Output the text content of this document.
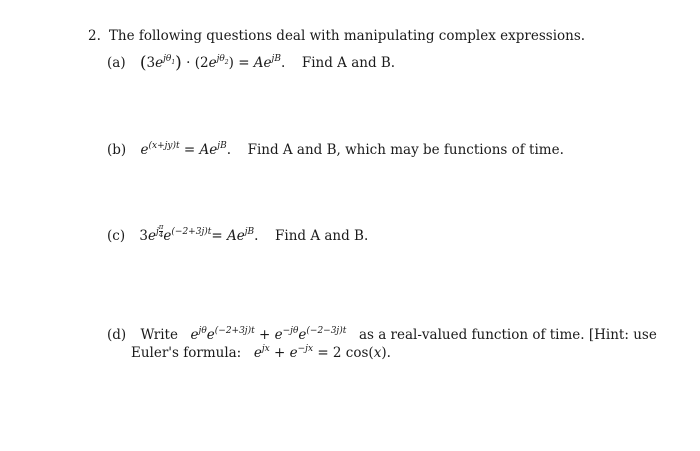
2. The following questions deal with manipulating complex expressions.
(a) $(3e^{j\theta_1}) \cdot (2e^{j\theta_2}) = Ae^{jB}$. Find A and B.
(b) $e^{(x+jy)t} = Ae^{jB}$. Find A and B, which may be functions of time.
(c) $3e^{j \frac{\pi}{4}}$ $e^{(-2+3j)t}= Ae^{jB}$. Find A and B.
(d) Write $e^{j\theta}e^{(-2+3j)t} + e^{-j\theta}e^{(-2-3j)t}$ as a real-valued function of time. [Hint: use
Euler's formula: $e^{jx} + e^{-jx} = 2$ cos(x).
